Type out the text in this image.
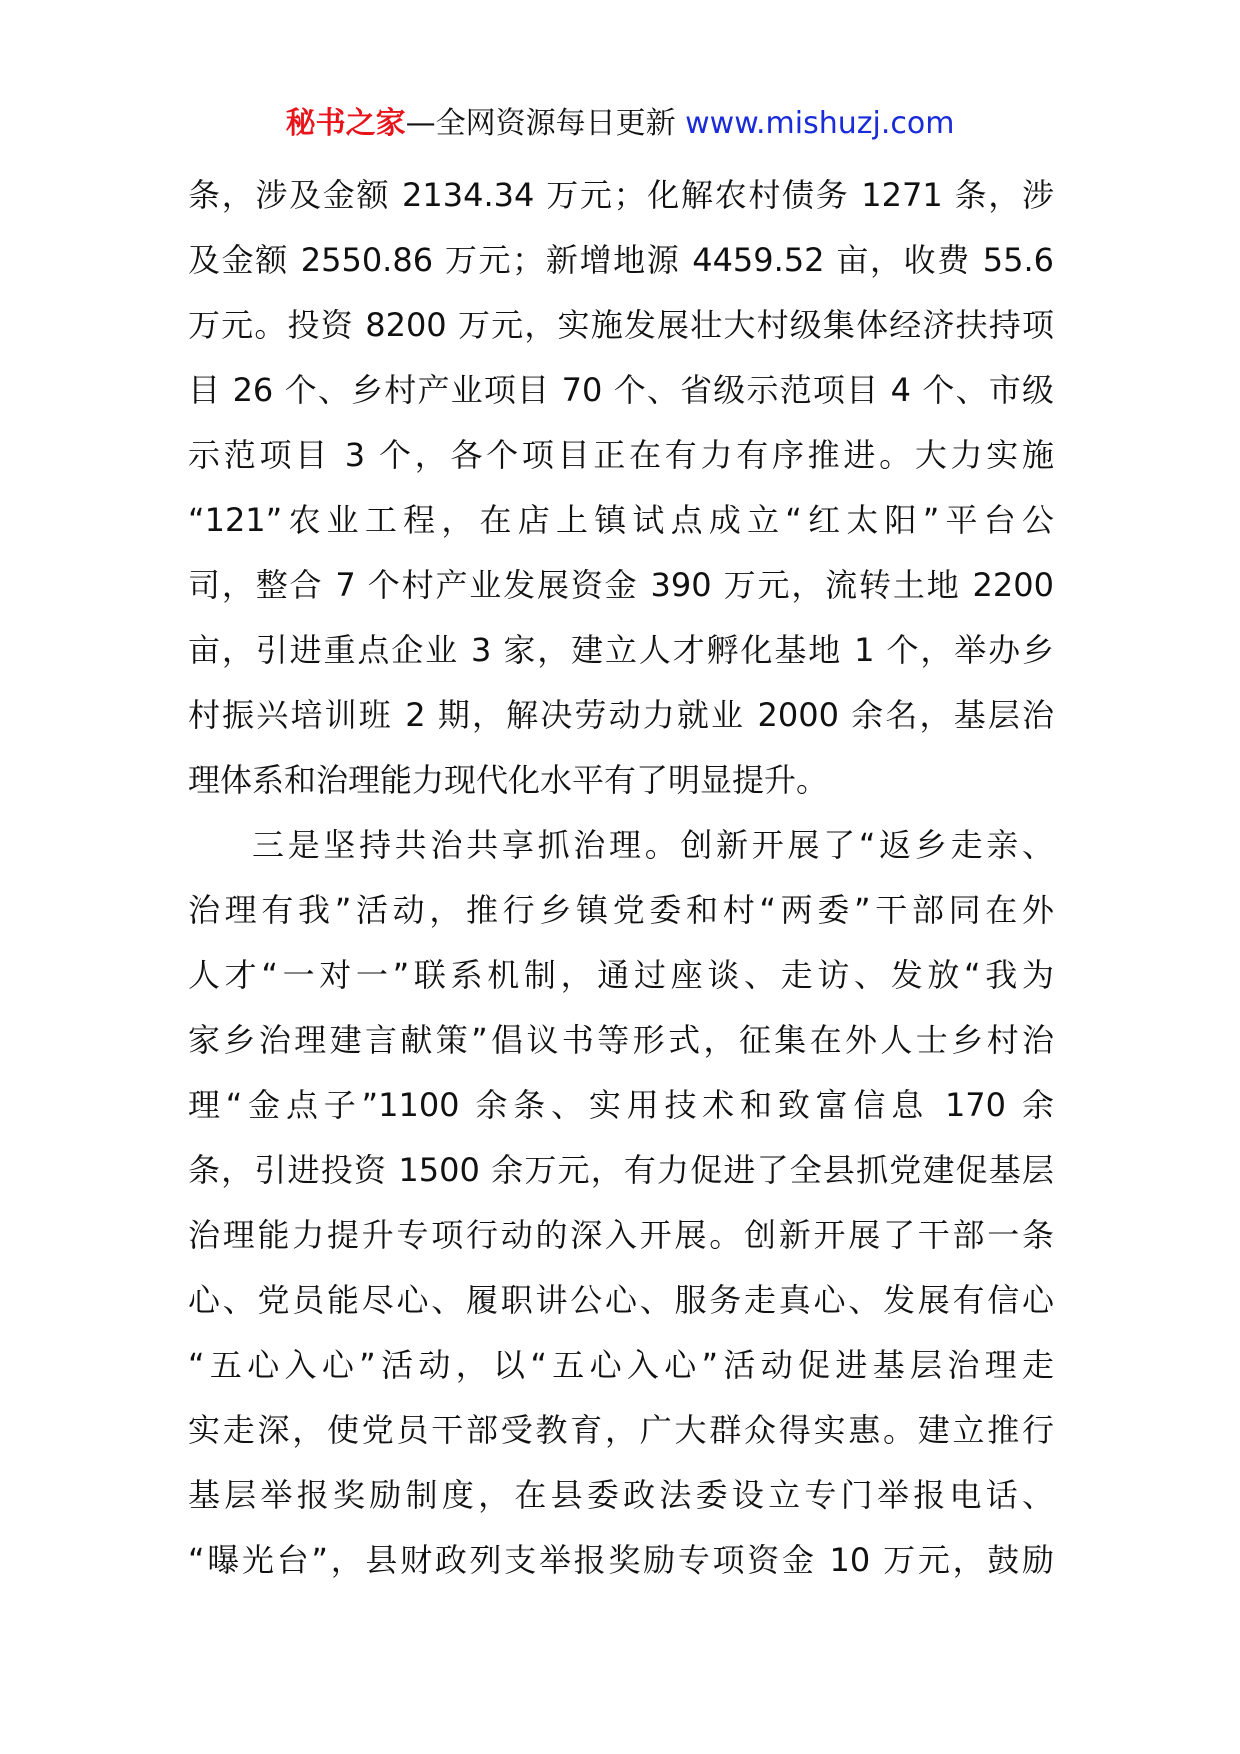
秘书之家—全网资源每日更新 www.mishuzj.com
条，涉及金额 2134.34 万元；化解农村债务 1271 条，涉
及金额 2550.86 万元；新增地源 4459.52 亩，收费 55.6
万元。投资 8200 万元，实施发展壮大村级集体经济扶持项
目 26 个、乡村产业项目 70 个、省级示范项目 4 个、市级
示范项目 3 个，各个项目正在有力有序推进。大力实施
“121”农业工程，在店上镇试点成立“红太阳”平台公
司，整合 7 个村产业发展资金 390 万元，流转土地 2200
亩，引进重点企业 3 家，建立人才孵化基地 1 个，举办乡
村振兴培训班 2 期，解决劳动力就业 2000 余名，基层治
理体系和治理能力现代化水平有了明显提升。
三是坚持共治共享抓治理。创新开展了“返乡走亲、
治理有我”活动，推行乡镇党委和村“两委”干部同在外
人才“一对一”联系机制，通过座谈、走访、发放“我为
家乡治理建言献策”倡议书等形式，征集在外人士乡村治
理“金点子”1100 余条、实用技术和致富信息 170 余
条，引进投资 1500 余万元，有力促进了全县抓党建促基层
治理能力提升专项行动的深入开展。创新开展了干部一条
心、党员能尽心、履职讲公心、服务走真心、发展有信心
“五心入心”活动，以“五心入心”活动促进基层治理走
实走深，使党员干部受教育，广大群众得实惠。建立推行
基层举报奖励制度，在县委政法委设立专门举报电话、
“曝光台”，县财政列支举报奖励专项资金 10 万元，鼓励
